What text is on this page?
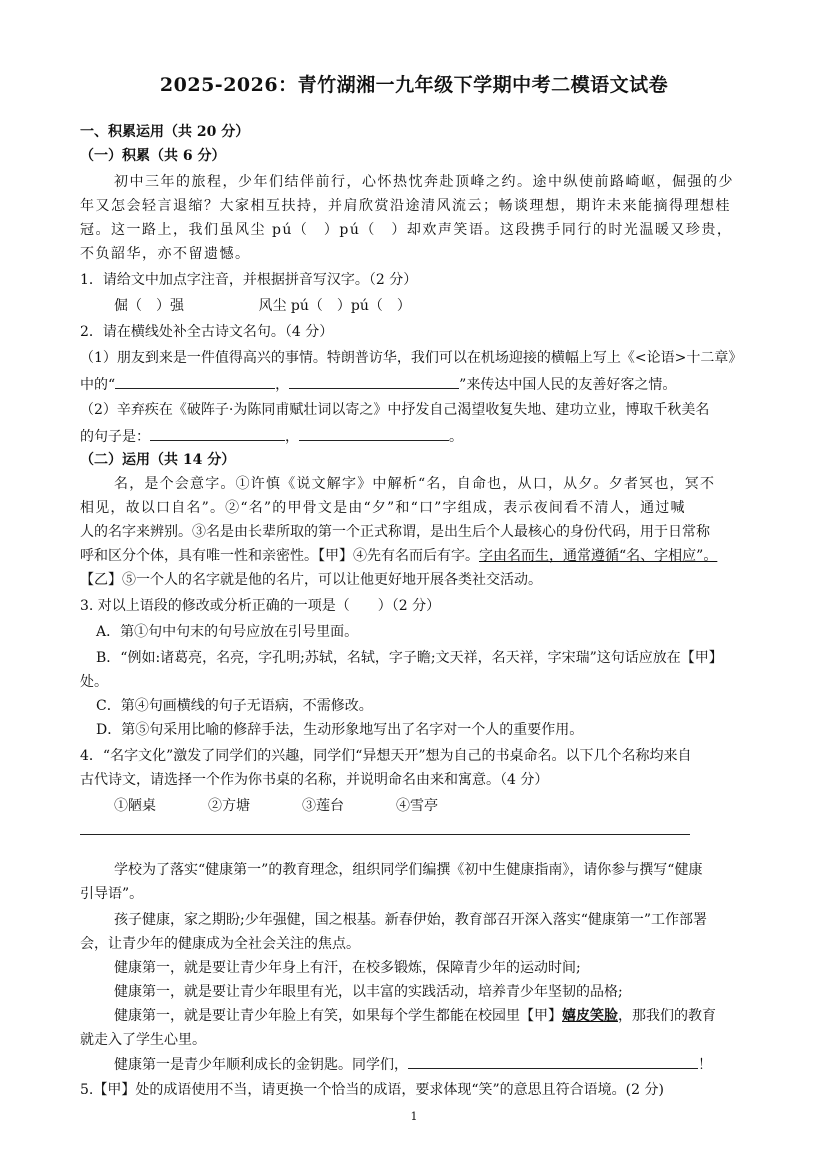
2025-2026：青竹湖湘一九年级下学期中考二模语文试卷
一、积累运用（共 20 分）
（一）积累（共 6 分）
初中三年的旅程，少年们结伴前行，心怀热忱奔赴顶峰之约。途中纵使前路崎岖，倔强的少
年又怎会轻言退缩？大家相互扶持，并肩欣赏沿途清风流云；畅谈理想，期许未来能摘得理想桂
冠。这一路上，我们虽风尘 pú（　）pú（　）却欢声笑语。这段携手同行的时光温暖又珍贵，
不负韶华，亦不留遗憾。
1．请给文中加点字注音，并根据拼音写汉字。（2 分）
倔（　）强	风尘 pú（　）pú（　）
2．请在横线处补全古诗文名句。（4 分）
（1）朋友到来是一件值得高兴的事情。特朗普访华，我们可以在机场迎接的横幅上写上《<论语>十二章》
中的“	，	”来传达中国人民的友善好客之情。
（2）辛弃疾在《破阵子·为陈同甫赋壮词以寄之》中抒发自己渴望收复失地、建功立业，博取千秋美名
的句子是：	，	。
（二）运用（共 14 分）
名，是个会意字。①许慎《说文解字》中解析“名，自命也，从口，从夕。夕者冥也，冥不
相见，故以口自名”。②“名”的甲骨文是由“夕”和“口”字组成，表示夜间看不清人，通过喊
人的名字来辨别。③名是由长辈所取的第一个正式称谓，是出生后个人最核心的身份代码，用于日常称
呼和区分个体，具有唯一性和亲密性。【甲】④先有名而后有字。字由名而生，通常遵循“名、字相应”。
【乙】⑤一个人的名字就是他的名片，可以让他更好地开展各类社交活动。
3. 对以上语段的修改或分析正确的一项是（　　）（2 分）
A．第①句中句末的句号应放在引号里面。
B．“例如:诸葛亮，名亮，字孔明;苏轼，名轼，字子瞻;文天祥，名天祥，字宋瑞”这句话应放在【甲】
处。
C．第④句画横线的句子无语病，不需修改。
D．第⑤句采用比喻的修辞手法，生动形象地写出了名字对一个人的重要作用。
4．“名字文化”激发了同学们的兴趣，同学们“异想天开”想为自己的书桌命名。以下几个名称均来自
古代诗文，请选择一个作为你书桌的名称，并说明命名由来和寓意。（4 分）
①陋桌	②方塘	③莲台	④雪亭
学校为了落实“健康第一”的教育理念，组织同学们编撰《初中生健康指南》，请你参与撰写“健康
引导语”。
孩子健康，家之期盼;少年强健，国之根基。新春伊始，教育部召开深入落实“健康第一”工作部署
会，让青少年的健康成为全社会关注的焦点。
健康第一，就是要让青少年身上有汗，在校多锻炼，保障青少年的运动时间;
健康第一，就是要让青少年眼里有光，以丰富的实践活动，培养青少年坚韧的品格;
健康第一，就是要让青少年脸上有笑，如果每个学生都能在校园里【甲】嬉皮笑脸，那我们的教育
就走入了学生心里。
健康第一是青少年顺利成长的金钥匙。同学们，	！
5.【甲】处的成语使用不当，请更换一个恰当的成语，要求体现“笑”的意思且符合语境。(2 分)
1
